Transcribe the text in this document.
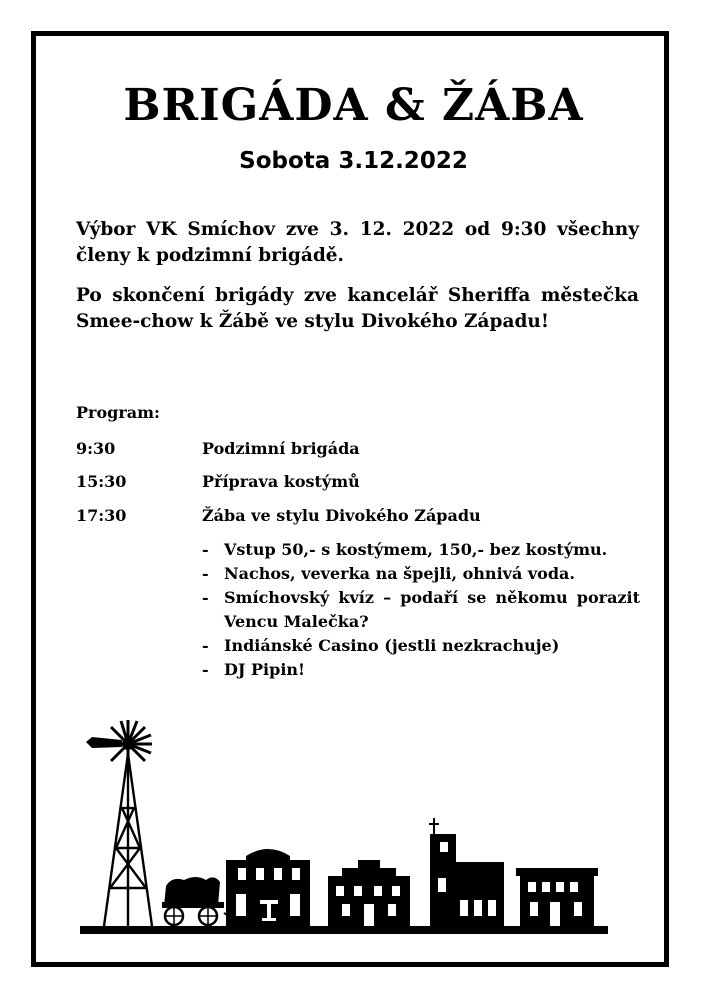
BRIGÁDA & ŽÁBA
Sobota 3.12.2022

Výbor VK Smíchov zve 3. 12. 2022 od 9:30 všechny členy k podzimní brigádě.

Po skončení brigády zve kancelář Sheriffa městečka Smee-chow k Žábě ve stylu Divokého Západu!

Program:

9:30	Podzimní brigáda
15:30	Příprava kostýmů
17:30	Žába ve stylu Divokého Západu
- Vstup 50,- s kostýmem, 150,- bez kostýmu.
- Nachos, veverka na špejli, ohnivá voda.
- Smíchovský kvíz – podaří se někomu porazit Vencu Malečka?
- Indiánské Casino (jestli nezkrachuje)
- DJ Pipin!
